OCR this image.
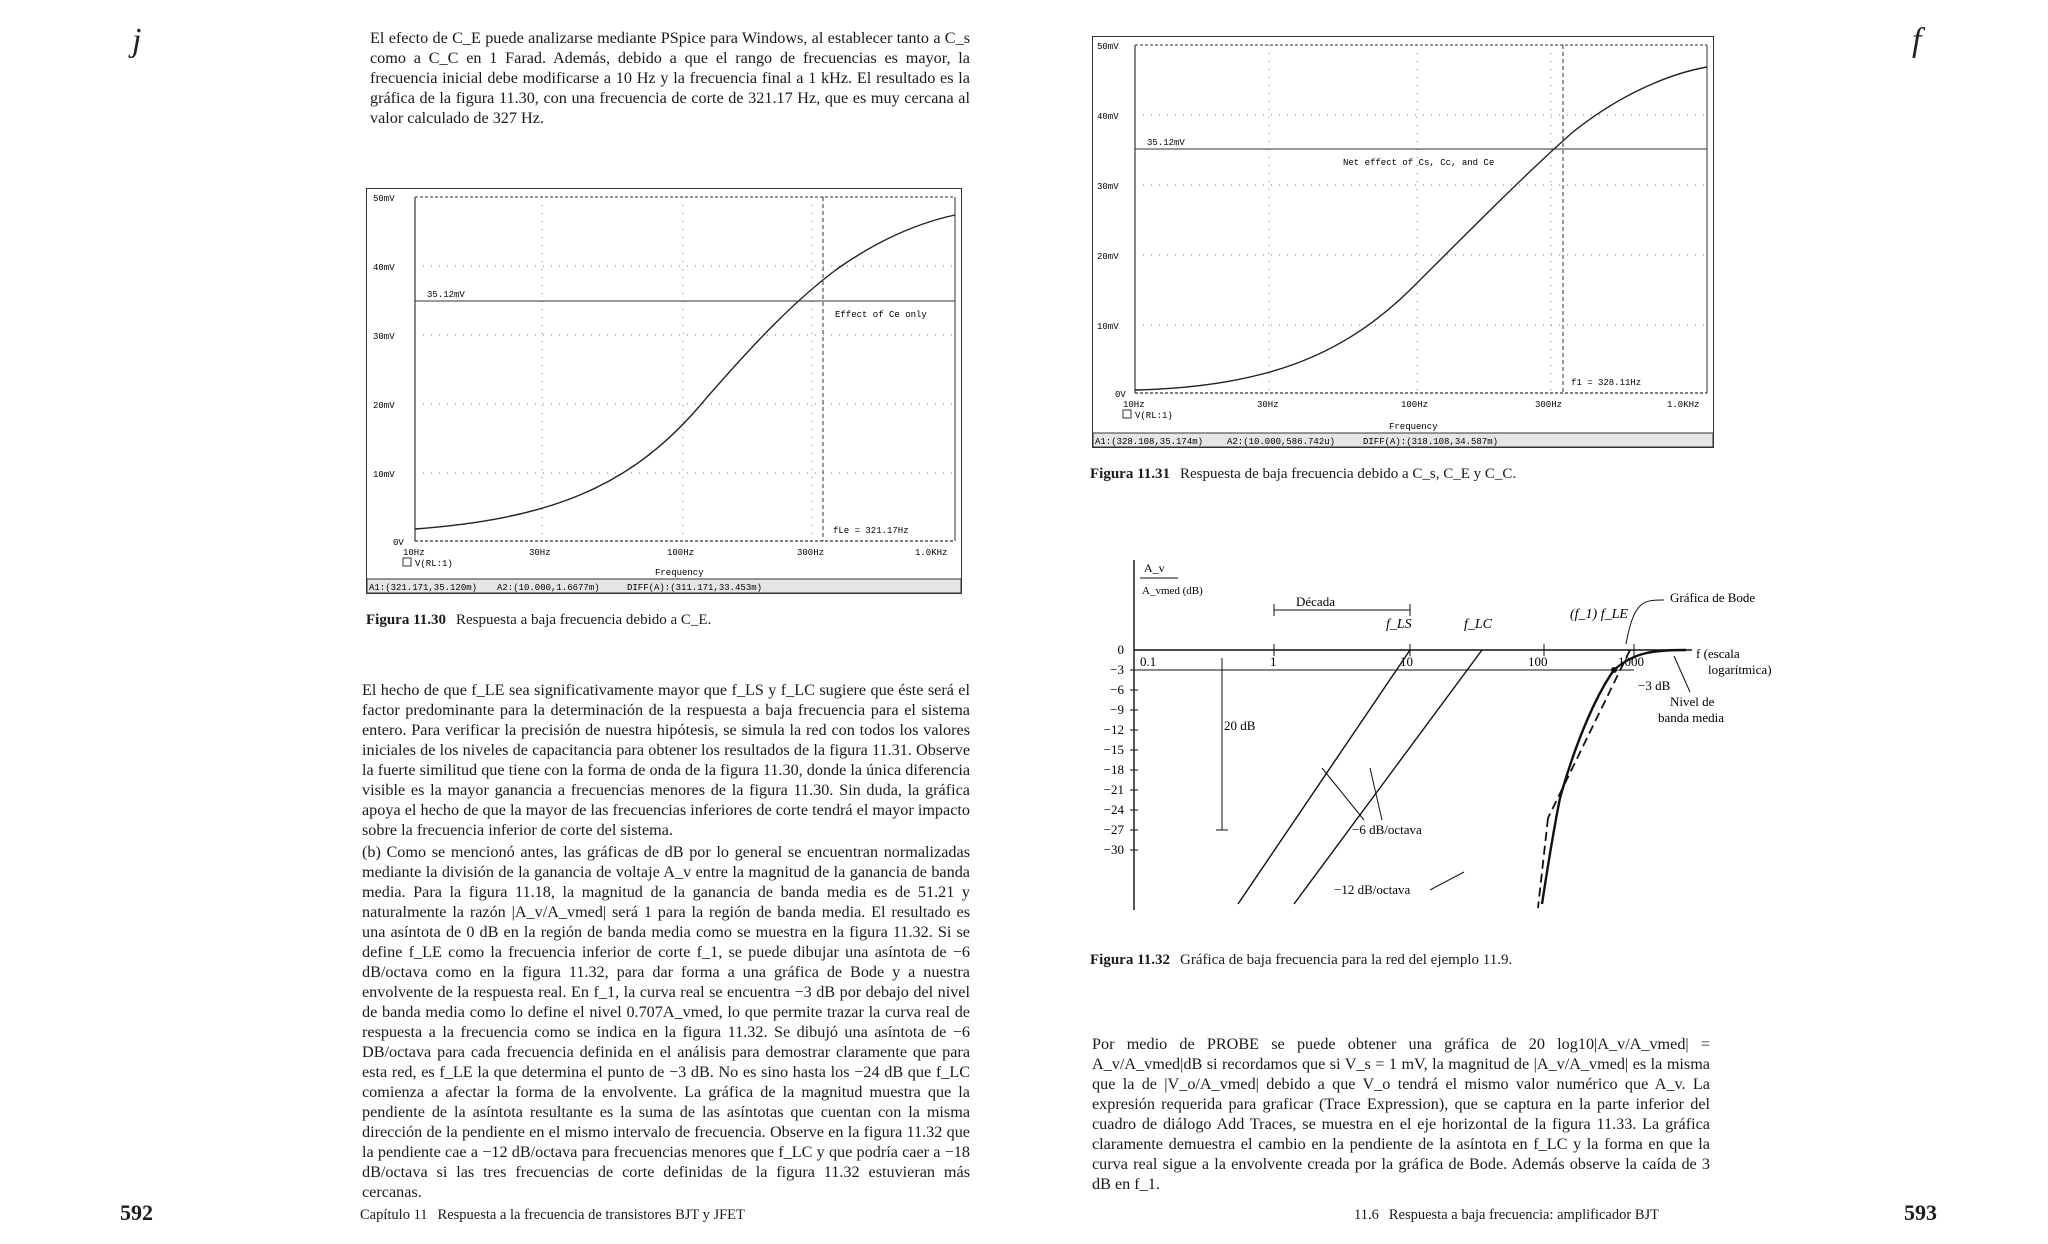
j	El efecto de C_E puede analizarse mediante PSpice para Windows, al establecer tanto a C_s como a C_C en 1 Farad. Además, debido a que el rango de frecuencias es mayor, la frecuencia inicial debe modificarse a 10 Hz y la frecuencia final a 1 kHz. El resultado es la gráfica de la figura 11.30, con una frecuencia de corte de 321.17 Hz, que es muy cercana al valor calculado de 327 Hz.

50mV
40mV
30mV
20mV
10mV
0V
10Hz	30Hz	100Hz	300Hz	1.0KHz
V(RL:1)
Frequency
35.12mV
Effect of Ce only
fLe = 321.17Hz
A1:(321.171,35.120m) A2:(10.000,1.6677m)	DIFF(A):(311.171,33.453m)
Figura 11.30 Respuesta a baja frecuencia debido a C_E.

El hecho de que f_LE sea significativamente mayor que f_LS y f_LC sugiere que éste será el factor predominante para la determinación de la respuesta a baja frecuencia para el sistema entero. Para verificar la precisión de nuestra hipótesis, se simula la red con todos los valores iniciales de los niveles de capacitancia para obtener los resultados de la figura 11.31. Observe la fuerte similitud que tiene con la forma de onda de la figura 11.30, donde la única diferencia visible es la mayor ganancia a frecuencias menores de la figura 11.30. Sin duda, la gráfica apoya el hecho de que la mayor de las frecuencias inferiores de corte tendrá el mayor impacto sobre la frecuencia inferior de corte del sistema.

(b) Como se mencionó antes, las gráficas de dB por lo general se encuentran normalizadas mediante la división de la ganancia de voltaje A_v entre la magnitud de la ganancia de banda media. Para la figura 11.18, la magnitud de la ganancia de banda media es de 51.21 y naturalmente la razón |A_v/A_vmed| será 1 para la región de banda media. El resultado es una asíntota de 0 dB en la región de banda media como se muestra en la figura 11.32. Si se define f_LE como la frecuencia inferior de corte f_1, se puede dibujar una asíntota de −6 dB/octava como en la figura 11.32, para dar forma a una gráfica de Bode y a nuestra envolvente de la respuesta real. En f_1, la curva real se encuentra −3 dB por debajo del nivel de banda media como lo define el nivel 0.707A_vmed, lo que permite trazar la curva real de respuesta a la frecuencia como se indica en la figura 11.32. Se dibujó una asíntota de −6 DB/octava para cada frecuencia definida en el análisis para demostrar claramente que para esta red, es f_LE la que determina el punto de −3 dB. No es sino hasta los −24 dB que f_LC comienza a afectar la forma de la envolvente. La gráfica de la magnitud muestra que la pendiente de la asíntota resultante es la suma de las asíntotas que cuentan con la misma dirección de la pendiente en el mismo intervalo de frecuencia. Observe en la figura 11.32 que la pendiente cae a −12 dB/octava para frecuencias menores que f_LC y que podría caer a −18 dB/octava si las tres frecuencias de corte definidas de la figura 11.32 estuvieran más cercanas.

592	Capítulo 11 Respuesta a la frecuencia de transistores BJT y JFET
f
50mV
40mV
30mV
20mV
10mV
0V
10Hz	30Hz	100Hz	300Hz	1.0KHz
V(RL:1)
Frequency
35.12mV
Net effect of Cs, Cc, and Ce
f1 = 328.11Hz
A1:(328.108,35.174m)	A2:(10.000,586.742u)	DIFF(A):(318.108,34.587m)
Figura 11.31 Respuesta de baja frecuencia debido a C_s, C_E y C_C.
0
−3
−6
−9
−12
−15
−18
−21
−24
−27
−30
0.1	1	10	100	1000
A_v
A_vmed (dB)
Década
20 dB
f_LS	f_LC
(f_1) f_LE
Gráfica de Bode
−3 dB
f (escala
logarítmica)
Nivel de
banda media
−6 dB/octava
−12 dB/octava
Figura 11.32 Gráfica de baja frecuencia para la red del ejemplo 11.9.

Por medio de PROBE se puede obtener una gráfica de 20 log10|A_v/A_vmed| = A_v/A_vmed|dB si recordamos que si V_s = 1 mV, la magnitud de |A_v/A_vmed| es la misma que la de |V_o/A_vmed| debido a que V_o tendrá el mismo valor numérico que A_v. La expresión requerida para graficar (Trace Expression), que se captura en la parte inferior del cuadro de diálogo Add Traces, se muestra en el eje horizontal de la figura 11.33. La gráfica claramente demuestra el cambio en la pendiente de la asíntota en f_LC y la forma en que la curva real sigue a la envolvente creada por la gráfica de Bode. Además observe la caída de 3 dB en f_1.

593
11.6 Respuesta a baja frecuencia: amplificador BJT
